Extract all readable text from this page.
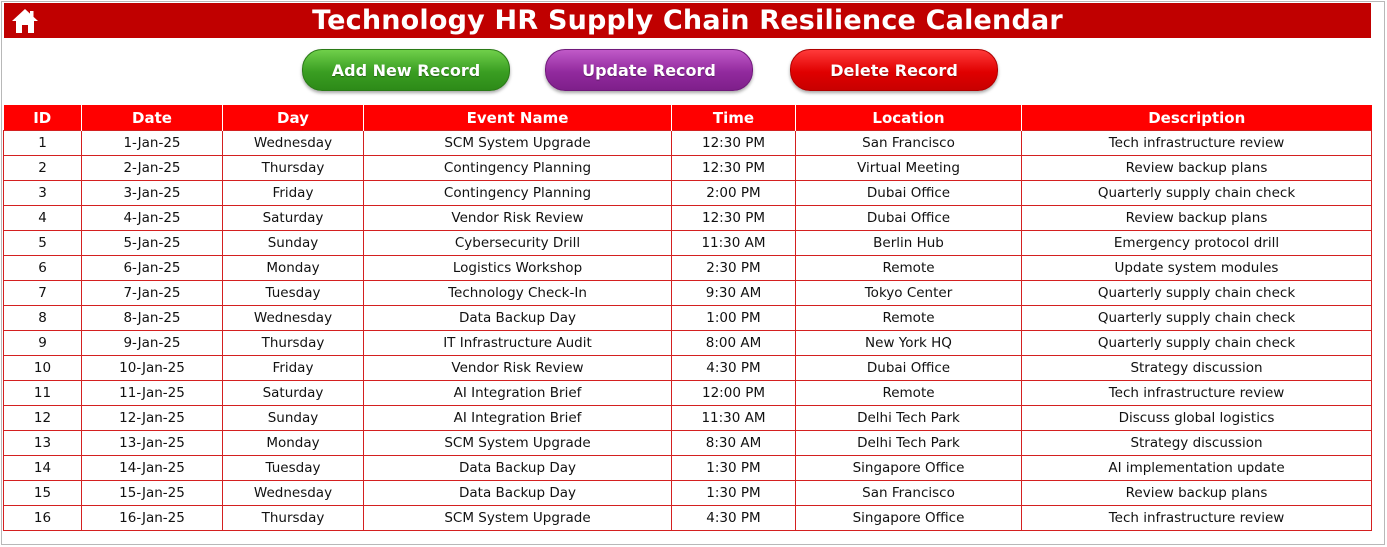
Technology HR Supply Chain Resilience Calendar
Add New Record	Update Record	Delete Record
ID	Date	Day	Event Name	Time	Location	Description
1	1-Jan-25	Wednesday	SCM System Upgrade	12:30 PM	San Francisco	Tech infrastructure review
2	2-Jan-25	Thursday	Contingency Planning	12:30 PM	Virtual Meeting	Review backup plans
3	3-Jan-25	Friday	Contingency Planning	2:00 PM	Dubai Office	Quarterly supply chain check
4	4-Jan-25	Saturday	Vendor Risk Review	12:30 PM	Dubai Office	Review backup plans
5	5-Jan-25	Sunday	Cybersecurity Drill	11:30 AM	Berlin Hub	Emergency protocol drill
6	6-Jan-25	Monday	Logistics Workshop	2:30 PM	Remote	Update system modules
7	7-Jan-25	Tuesday	Technology Check-In	9:30 AM	Tokyo Center	Quarterly supply chain check
8	8-Jan-25	Wednesday	Data Backup Day	1:00 PM	Remote	Quarterly supply chain check
9	9-Jan-25	Thursday	IT Infrastructure Audit	8:00 AM	New York HQ	Quarterly supply chain check
10	10-Jan-25	Friday	Vendor Risk Review	4:30 PM	Dubai Office	Strategy discussion
11	11-Jan-25	Saturday	AI Integration Brief	12:00 PM	Remote	Tech infrastructure review
12	12-Jan-25	Sunday	AI Integration Brief	11:30 AM	Delhi Tech Park	Discuss global logistics
13	13-Jan-25	Monday	SCM System Upgrade	8:30 AM	Delhi Tech Park	Strategy discussion
14	14-Jan-25	Tuesday	Data Backup Day	1:30 PM	Singapore Office	AI implementation update
15	15-Jan-25	Wednesday	Data Backup Day	1:30 PM	San Francisco	Review backup plans
16	16-Jan-25	Thursday	SCM System Upgrade	4:30 PM	Singapore Office	Tech infrastructure review
